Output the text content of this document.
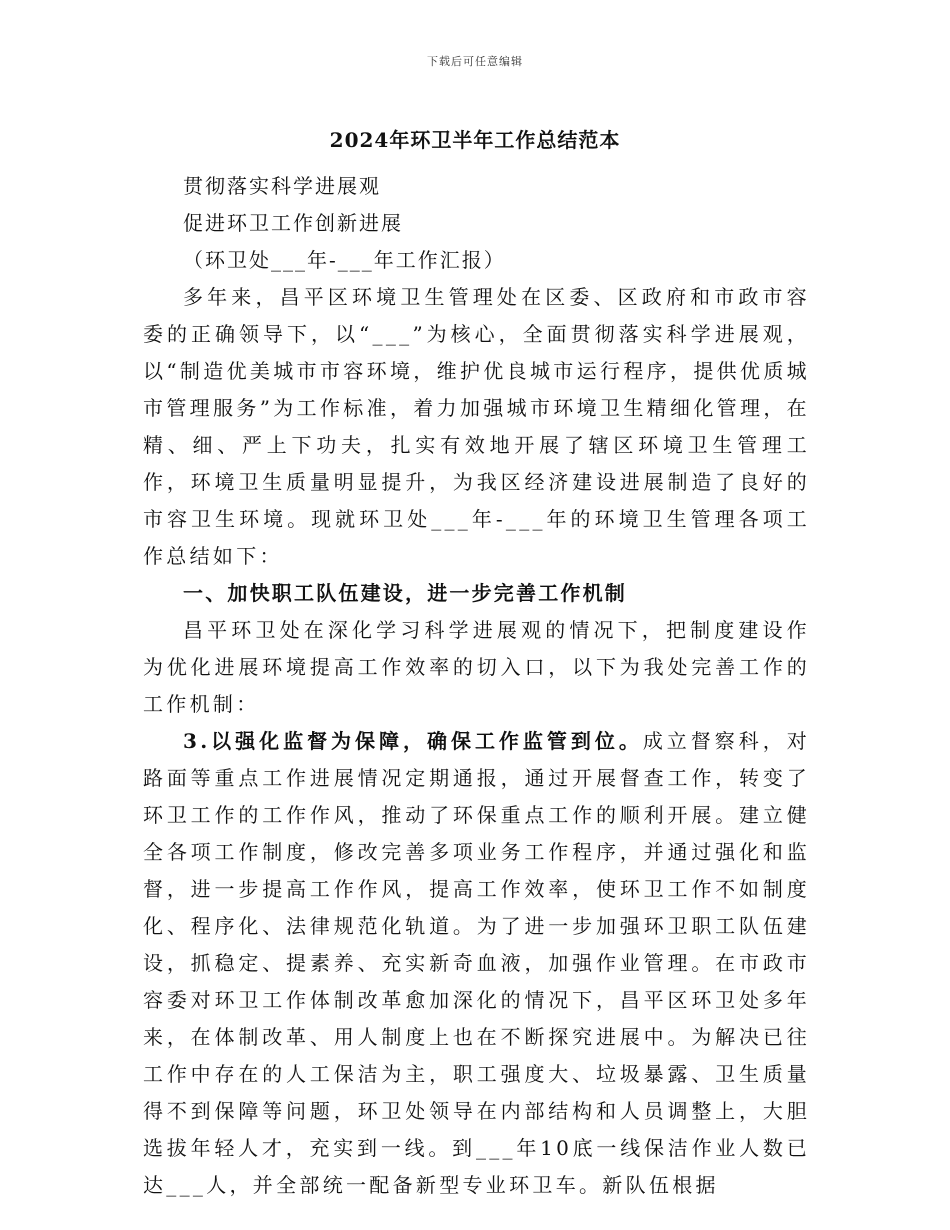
下载后可任意编辑
2024年环卫半年工作总结范本

贯彻落实科学进展观

促进环卫工作创新进展

（环卫处___年-___年工作汇报）

多年来，昌平区环境卫生管理处在区委、区政府和市政市容委的正确领导下，以“___”为核心，全面贯彻落实科学进展观，以“制造优美城市市容环境，维护优良城市运行程序，提供优质城市管理服务”为工作标准，着力加强城市环境卫生精细化管理，在精、细、严上下功夫，扎实有效地开展了辖区环境卫生管理工作，环境卫生质量明显提升，为我区经济建设进展制造了良好的市容卫生环境。现就环卫处___年-___年的环境卫生管理各项工作总结如下：

一、加快职工队伍建设，进一步完善工作机制

昌平环卫处在深化学习科学进展观的情况下，把制度建设作为优化进展环境提高工作效率的切入口，以下为我处完善工作的工作机制：

3.以强化监督为保障，确保工作监管到位。成立督察科，对路面等重点工作进展情况定期通报，通过开展督查工作，转变了环卫工作的工作作风，推动了环保重点工作的顺利开展。建立健全各项工作制度，修改完善多项业务工作程序，并通过强化和监督，进一步提高工作作风，提高工作效率，使环卫工作不如制度化、程序化、法律规范化轨道。为了进一步加强环卫职工队伍建设，抓稳定、提素养、充实新奇血液，加强作业管理。在市政市容委对环卫工作体制改革愈加深化的情况下，昌平区环卫处多年来，在体制改革、用人制度上也在不断探究进展中。为解决已往工作中存在的人工保洁为主，职工强度大、垃圾暴露、卫生质量得不到保障等问题，环卫处领导在内部结构和人员调整上，大胆选拔年轻人才，充实到一线。到___年10底一线保洁作业人数已达___人，并全部统一配备新型专业环卫车。新队伍根据
